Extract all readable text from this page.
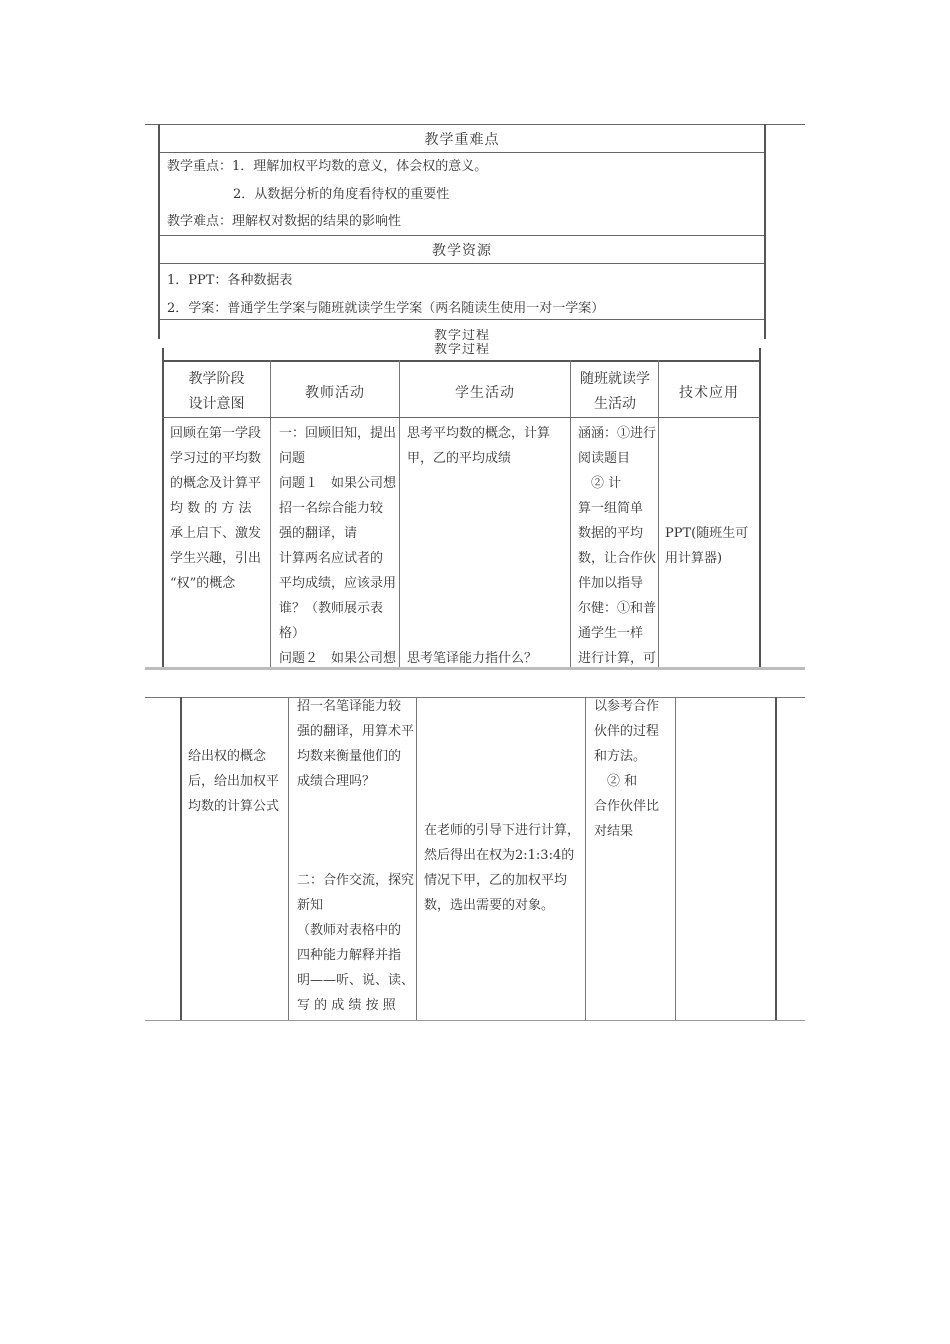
教学重难点
教学重点：1．理解加权平均数的意义，体会权的意义。
2．从数据分析的角度看待权的重要性
教学难点：理解权对数据的结果的影响性
教学资源
1．PPT：各种数据表
2．学案：普通学生学案与随班就读学生学案（两名随读生使用一对一学案）
教学过程
教学过程
教学阶段
设计意图
教师活动	学生活动
随班就读学
生活动
技术应用
回顾在第一学段
学习过的平均数
的概念及计算平
均 数 的 方 法
承上启下、激发
学生兴趣，引出
“权”的概念
一：回顾旧知，提出
问题
问题１　如果公司想
招一名综合能力较
强的翻译，请
计算两名应试者的
平均成绩，应该录用
谁？（教师展示表
格）
问题２　如果公司想
思考平均数的概念，计算
甲，乙的平均成绩
思考笔译能力指什么？
涵涵：①进行
阅读题目
　② 计
算一组简单
数据的平均
数，让合作伙
伴加以指导
尔健：①和普
通学生一样
进行计算，可
PPT(随班生可
用计算器)
给出权的概念
后，给出加权平
均数的计算公式
招一名笔译能力较
强的翻译，用算术平
均数来衡量他们的
成绩合理吗？
二：合作交流，探究
新知
（教师对表格中的
四种能力解释并指
明——听、说、读、
写 的 成 绩 按 照
在老师的引导下进行计算，
然后得出在权为2:1:3:4的
情况下甲，乙的加权平均
数，选出需要的对象。
以参考合作
伙伴的过程
和方法。
　② 和
合作伙伴比
对结果
